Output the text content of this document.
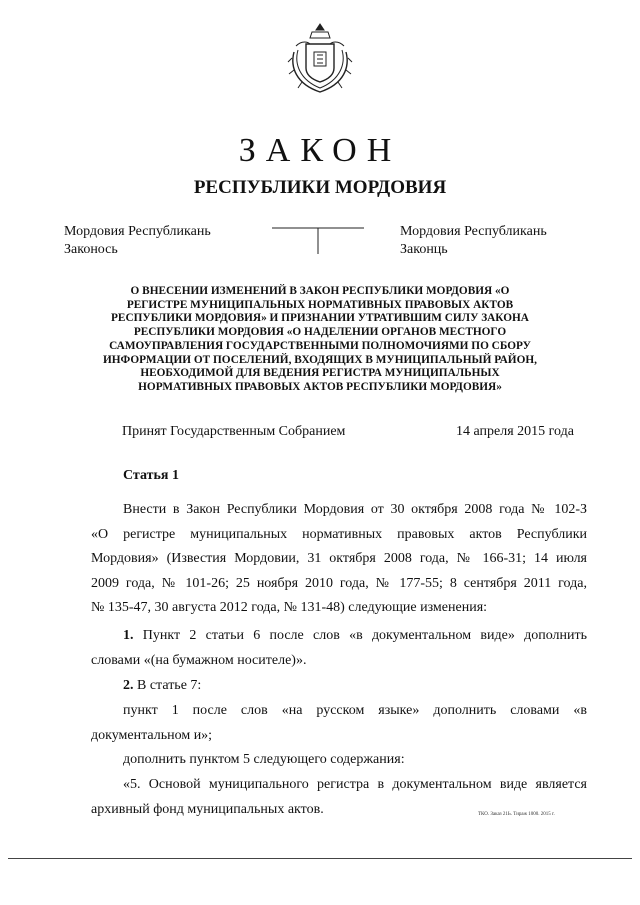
ЗАКОН
РЕСПУБЛИКИ МОРДОВИЯ
Мордовия Республикань
Законось
Мордовия Республикань
Законць
О ВНЕСЕНИИ ИЗМЕНЕНИЙ В ЗАКОН РЕСПУБЛИКИ МОРДОВИЯ «О РЕГИСТРЕ МУНИЦИПАЛЬНЫХ НОРМАТИВНЫХ ПРАВОВЫХ АКТОВ РЕСПУБЛИКИ МОРДОВИЯ» И ПРИЗНАНИИ УТРАТИВШИМ СИЛУ ЗАКОНА РЕСПУБЛИКИ МОРДОВИЯ «О НАДЕЛЕНИИ ОРГАНОВ МЕСТНОГО САМОУПРАВЛЕНИЯ ГОСУДАРСТВЕННЫМИ ПОЛНОМОЧИЯМИ ПО СБОРУ ИНФОРМАЦИИ ОТ ПОСЕЛЕНИЙ, ВХОДЯЩИХ В МУНИЦИПАЛЬНЫЙ РАЙОН, НЕОБХОДИМОЙ ДЛЯ ВЕДЕНИЯ РЕГИСТРА МУНИЦИПАЛЬНЫХ НОРМАТИВНЫХ ПРАВОВЫХ АКТОВ РЕСПУБЛИКИ МОРДОВИЯ»
Принят Государственным Собранием	14 апреля 2015 года
Статья 1
Внести в Закон Республики Мордовия от 30 октября 2008 года № 102-З
«О регистре муниципальных нормативных правовых актов Республики
Мордовия» (Известия Мордовии, 31 октября 2008 года, № 166-31; 14 июля
2009 года, № 101-26; 25 ноября 2010 года, № 177-55; 8 сентября 2011 года,
№ 135-47, 30 августа 2012 года, № 131-48) следующие изменения:
1. Пункт 2 статьи 6 после слов «в документальном виде» дополнить
словами «(на бумажном носителе)».
2. В статье 7:
пункт 1 после слов «на русском языке» дополнить словами «в
документальном и»;
дополнить пунктом 5 следующего содержания:
«5. Основой муниципального регистра в документальном виде является
архивный фонд муниципальных актов.	ТКО. Заказ 21Ь. Тираж 1000. 2015 г.
